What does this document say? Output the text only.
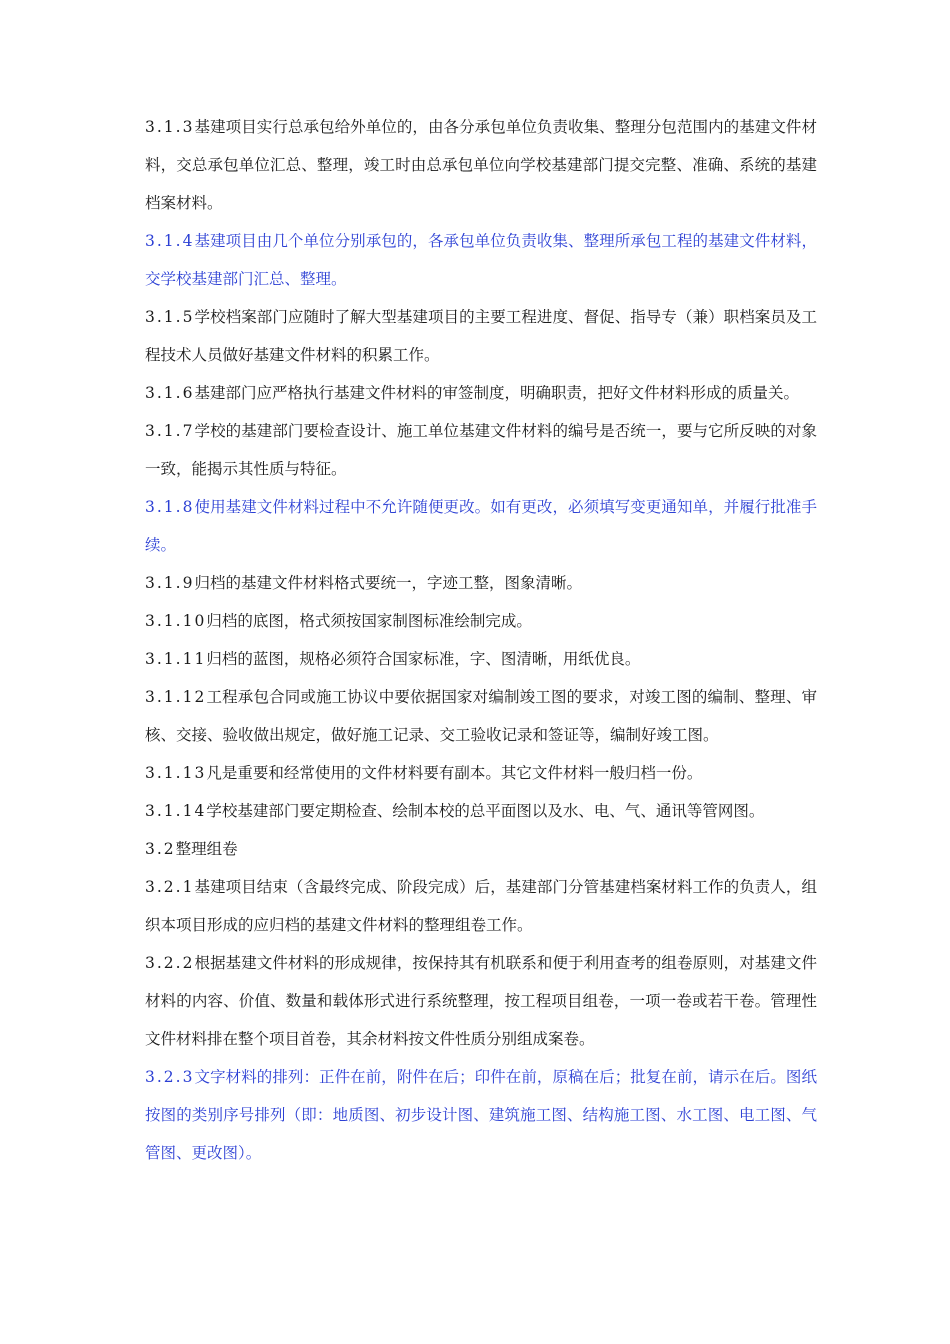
3.1.3基建项目实行总承包给外单位的，由各分承包单位负责收集、整理分包范围内的基建文件材料，交总承包单位汇总、整理，竣工时由总承包单位向学校基建部门提交完整、准确、系统的基建档案材料。

3.1.4基建项目由几个单位分别承包的，各承包单位负责收集、整理所承包工程的基建文件材料，交学校基建部门汇总、整理。

3.1.5学校档案部门应随时了解大型基建项目的主要工程进度、督促、指导专（兼）职档案员及工程技术人员做好基建文件材料的积累工作。

3.1.6基建部门应严格执行基建文件材料的审签制度，明确职责，把好文件材料形成的质量关。

3.1.7学校的基建部门要检查设计、施工单位基建文件材料的编号是否统一，要与它所反映的对象一致，能揭示其性质与特征。

3.1.8使用基建文件材料过程中不允许随便更改。如有更改，必须填写变更通知单，并履行批准手续。

3.1.9归档的基建文件材料格式要统一，字迹工整，图象清晰。

3.1.10归档的底图，格式须按国家制图标准绘制完成。

3.1.11归档的蓝图，规格必须符合国家标准，字、图清晰，用纸优良。

3.1.12工程承包合同或施工协议中要依据国家对编制竣工图的要求，对竣工图的编制、整理、审核、交接、验收做出规定，做好施工记录、交工验收记录和签证等，编制好竣工图。

3.1.13凡是重要和经常使用的文件材料要有副本。其它文件材料一般归档一份。

3.1.14学校基建部门要定期检查、绘制本校的总平面图以及水、电、气、通讯等管网图。

3.2整理组卷

3.2.1基建项目结束（含最终完成、阶段完成）后，基建部门分管基建档案材料工作的负责人，组织本项目形成的应归档的基建文件材料的整理组卷工作。

3.2.2根据基建文件材料的形成规律，按保持其有机联系和便于利用查考的组卷原则，对基建文件材料的内容、价值、数量和载体形式进行系统整理，按工程项目组卷，一项一卷或若干卷。管理性文件材料排在整个项目首卷，其余材料按文件性质分别组成案卷。

3.2.3文字材料的排列：正件在前，附件在后；印件在前，原稿在后；批复在前，请示在后。图纸按图的类别序号排列（即：地质图、初步设计图、建筑施工图、结构施工图、水工图、电工图、气管图、更改图）。
